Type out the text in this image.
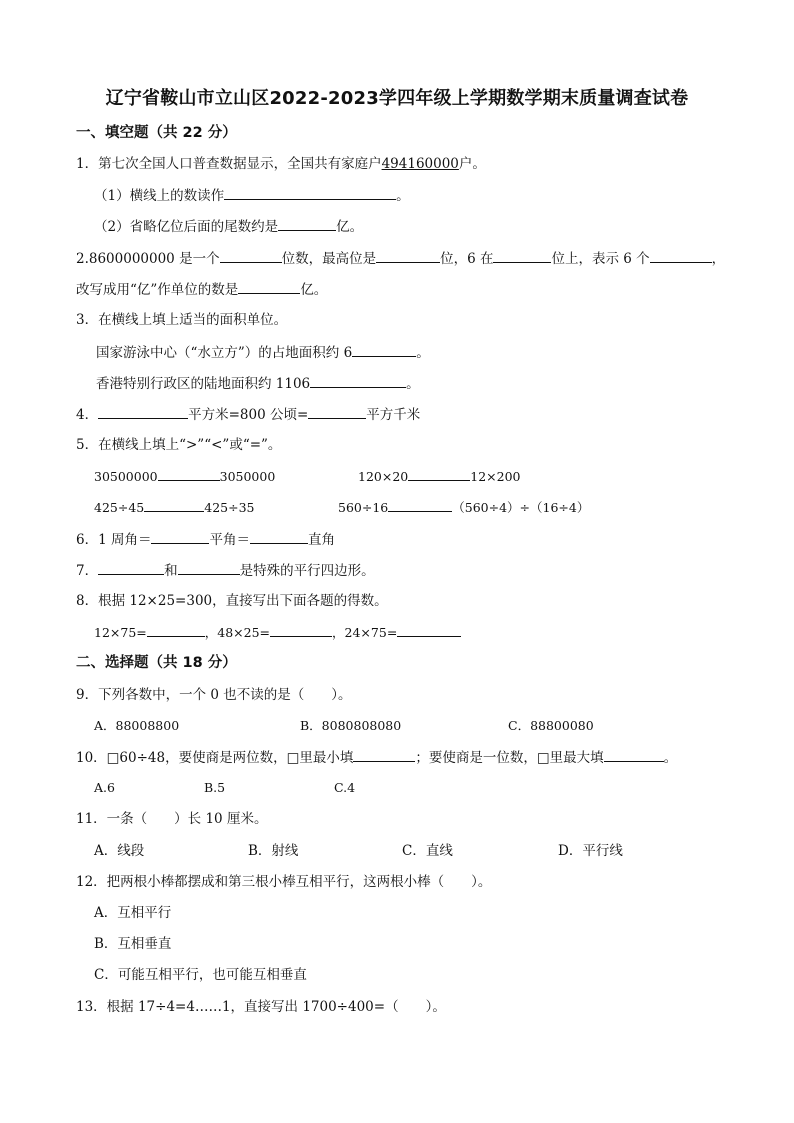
辽宁省鞍山市立山区2022-2023学四年级上学期数学期末质量调查试卷
一、填空题（共 22 分）
1．第七次全国人口普查数据显示，全国共有家庭户494160000户。
（1）横线上的数读作	。
（2）省略亿位后面的尾数约是	亿。
2.8600000000 是一个	位数，最高位是	位，6 在	位上，表示 6 个	，
改写成用“亿”作单位的数是	亿。
3．在横线上填上适当的面积单位。
国家游泳中心（“水立方”）的占地面积约 6	。
香港特别行政区的陆地面积约 1106	。
4．	平方米=800 公顷=	平方千米
5．在横线上填上“>”“<”或“=”。
30500000	3050000	120×20	12×200
425÷45	425÷35	560÷16	（560÷4）÷（16÷4）
6．1 周角＝	平角＝	直角
7．	和	是特殊的平行四边形。
8．根据 12×25=300，直接写出下面各题的得数。
12×75=	，48×25=	，24×75=
二、选择题（共 18 分）
9．下列各数中，一个 0 也不读的是（　　）。
A．88008800	B．8080808080	C．88800080
10．□60÷48，要使商是两位数，□里最小填	；要使商是一位数，□里最大填	。
A.6	B.5	C.4
11．一条（　　）长 10 厘米。
A．线段	B．射线	C．直线	D．平行线
12．把两根小棒都摆成和第三根小棒互相平行，这两根小棒（　　）。
A．互相平行
B．互相垂直
C．可能互相平行，也可能互相垂直
13．根据 17÷4=4……1，直接写出 1700÷400=（　　）。
